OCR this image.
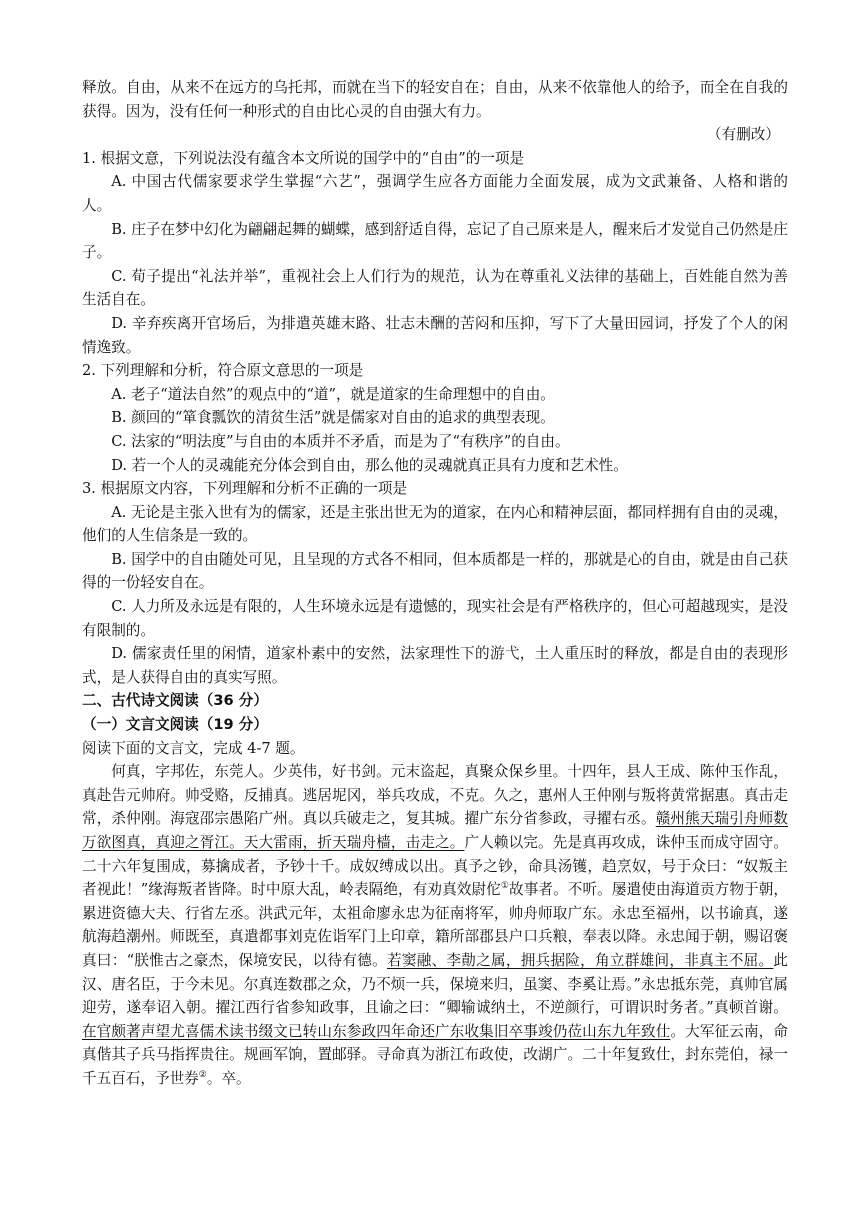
释放。自由，从来不在远方的乌托邦，而就在当下的轻安自在；自由，从来不依靠他人的给予，而全在自我的获得。因为，没有任何一种形式的自由比心灵的自由强大有力。

（有删改）

1. 根据文意，下列说法没有蕴含本文所说的国学中的“自由”的一项是

A. 中国古代儒家要求学生掌握“六艺”，强调学生应各方面能力全面发展，成为文武兼备、人格和谐的人。

B. 庄子在梦中幻化为翩翩起舞的蝴蝶，感到舒适自得，忘记了自己原来是人，醒来后才发觉自己仍然是庄子。

C. 荀子提出“礼法并举”，重视社会上人们行为的规范，认为在尊重礼义法律的基础上，百姓能自然为善生活自在。

D. 辛弃疾离开官场后，为排遣英雄末路、壮志未酬的苦闷和压抑，写下了大量田园词，抒发了个人的闲情逸致。

2. 下列理解和分析，符合原文意思的一项是

A. 老子“道法自然”的观点中的“道”，就是道家的生命理想中的自由。

B. 颜回的“箪食瓢饮的清贫生活”就是儒家对自由的追求的典型表现。

C. 法家的“明法度”与自由的本质并不矛盾，而是为了“有秩序”的自由。

D. 若一个人的灵魂能充分体会到自由，那么他的灵魂就真正具有力度和艺术性。

3. 根据原文内容，下列理解和分析不正确的一项是

A. 无论是主张入世有为的儒家，还是主张出世无为的道家，在内心和精神层面，都同样拥有自由的灵魂，他们的人生信条是一致的。

B. 国学中的自由随处可见，且呈现的方式各不相同，但本质都是一样的，那就是心的自由，就是由自己获得的一份轻安自在。

C. 人力所及永远是有限的，人生环境永远是有遗憾的，现实社会是有严格秩序的，但心可超越现实，是没有限制的。

D. 儒家责任里的闲情，道家朴素中的安然，法家理性下的游弋，土人重压时的释放，都是自由的表现形式，是人获得自由的真实写照。

二、古代诗文阅读（36 分）

（一）文言文阅读（19 分）

阅读下面的文言文，完成 4-7 题。

何真，字邦佐，东莞人。少英伟，好书剑。元末盗起，真聚众保乡里。十四年，县人王成、陈仲玉作乱，真赴告元帅府。帅受赂，反捕真。逃居坭冈，举兵攻成，不克。久之，惠州人王仲刚与叛将黄常据惠。真击走常，杀仲刚。海寇邵宗愚陷广州。真以兵破走之，复其城。擢广东分省参政，寻擢右丞。赣州熊天瑞引舟师数万欲图真，真迎之胥江。天大雷雨，折天瑞舟樯，击走之。广人赖以完。先是真再攻成，诛仲玉而成守固守。二十六年复围成，募擒成者，予钞十千。成奴缚成以出。真予之钞，命具汤镬，趋烹奴，号于众曰：“奴叛主者视此！”缘海叛者皆降。时中原大乱，岭表隔绝，有劝真效尉佗①故事者。不听。屡遣使由海道贡方物于朝，累进资德大夫、行省左丞。洪武元年，太祖命廖永忠为征南将军，帅舟师取广东。永忠至福州，以书谕真，遂航海趋潮州。师既至，真遣都事刘克佐诣军门上印章，籍所部郡县户口兵粮，奉表以降。永忠闻于朝，赐诏褒真曰：“朕惟古之豪杰，保境安民，以待有德。若窦融、李勣之属，拥兵据险，角立群雄间，非真主不屈。此汉、唐名臣，于今未见。尔真连数郡之众，乃不烦一兵，保境来归，虽窦、李奚让焉。”永忠抵东莞，真帅官属迎劳，遂奉诏入朝。擢江西行省参知政事，且谕之曰：“卿输诚纳土，不逆颜行，可谓识时务者。”真顿首谢。在官颇著声望尤喜儒术读书缀文已转山东参政四年命还广东收集旧卒事竣仍莅山东九年致仕。大军征云南，命真偕其子兵马指挥贵往。规画军饷，置邮驿。寻命真为浙江布政使，改湖广。二十年复致仕，封东莞伯，禄一千五百石，予世券②。卒。
